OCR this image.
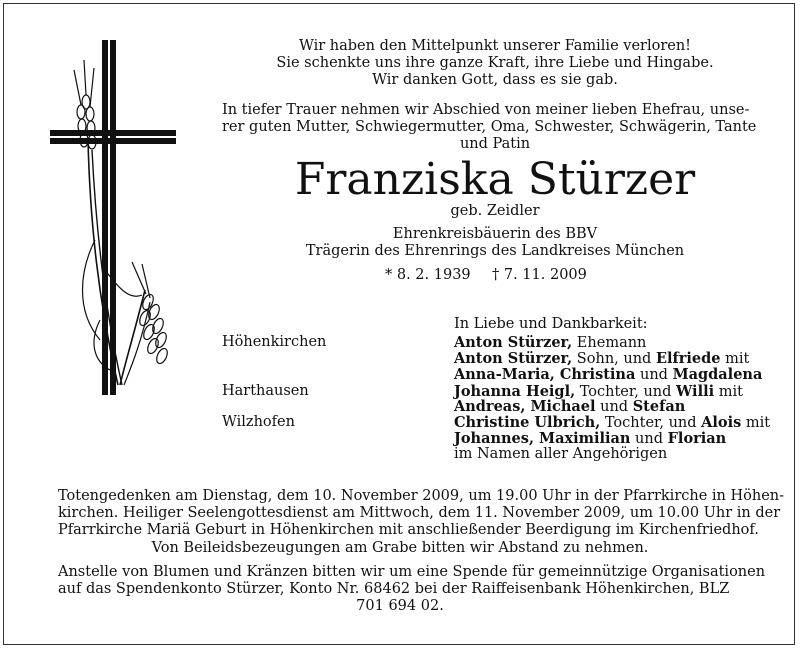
Wir haben den Mittelpunkt unserer Familie verloren!
Sie schenkte uns ihre ganze Kraft, ihre Liebe und Hingabe.
Wir danken Gott, dass es sie gab.
In tiefer Trauer nehmen wir Abschied von meiner lieben Ehefrau, unse-
rer guten Mutter, Schwiegermutter, Oma, Schwester, Schwägerin, Tante
und Patin
Franziska Stürzer
geb. Zeidler
Ehrenkreisbäuerin des BBV
Trägerin des Ehrenrings des Landkreises München
* 8. 2. 1939 † 7. 11. 2009
In Liebe und Dankbarkeit:
Höhenkirchen
Harthausen
Wilzhofen
Anton Stürzer, Ehemann
Anton Stürzer, Sohn, und Elfriede mit
Anna-Maria, Christina und Magdalena
Johanna Heigl, Tochter, und Willi mit
Andreas, Michael und Stefan
Christine Ulbrich, Tochter, und Alois mit
Johannes, Maximilian und Florian
im Namen aller Angehörigen
Totengedenken am Dienstag, dem 10. November 2009, um 19.00 Uhr in der Pfarrkirche in Höhen-
kirchen. Heiliger Seelengottesdienst am Mittwoch, dem 11. November 2009, um 10.00 Uhr in der
Pfarrkirche Mariä Geburt in Höhenkirchen mit anschließender Beerdigung im Kirchenfriedhof.
Von Beileidsbezeugungen am Grabe bitten wir Abstand zu nehmen.
Anstelle von Blumen und Kränzen bitten wir um eine Spende für gemeinnützige Organisationen
auf das Spendenkonto Stürzer, Konto Nr. 68462 bei der Raiffeisenbank Höhenkirchen, BLZ
701 694 02.
